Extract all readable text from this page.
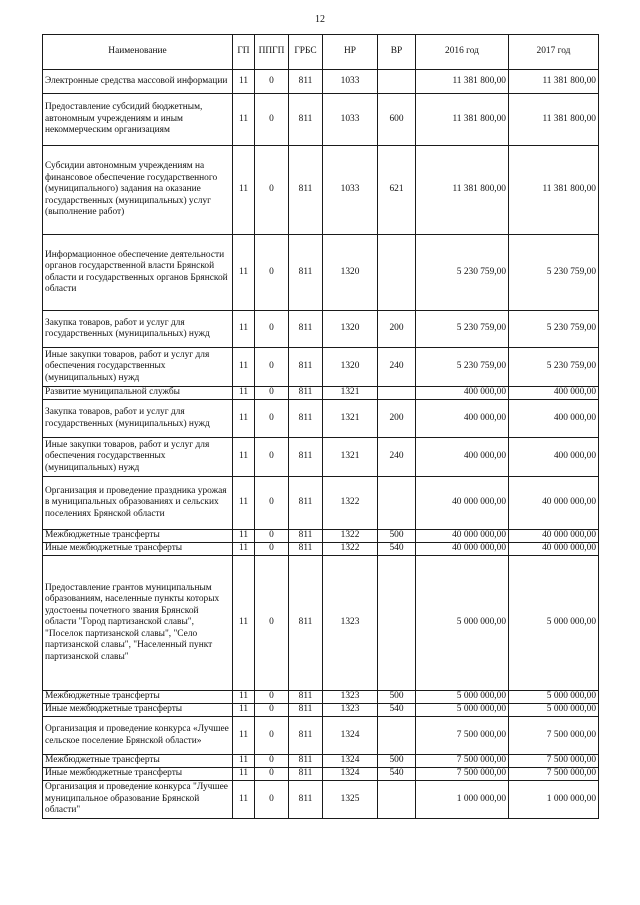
12
Наименование	ГП	ППГП	ГРБС	НР	ВР	2016 год	2017 год
Электронные средства массовой информации	11	0	811	1033		11 381 800,00	11 381 800,00
Предоставление субсидий бюджетным, автономным учреждениям и иным некоммерческим организациям	11	0	811	1033	600	11 381 800,00	11 381 800,00
Субсидии автономным учреждениям на финансовое обеспечение государственного (муниципального) задания на оказание государственных (муниципальных) услуг (выполнение работ)	11	0	811	1033	621	11 381 800,00	11 381 800,00
Информационное обеспечение деятельности органов государственной власти Брянской области и государственных органов Брянской области	11	0	811	1320		5 230 759,00	5 230 759,00
Закупка товаров, работ и услуг для государственных (муниципальных) нужд	11	0	811	1320	200	5 230 759,00	5 230 759,00
Иные закупки товаров, работ и услуг для обеспечения государственных (муниципальных) нужд	11	0	811	1320	240	5 230 759,00	5 230 759,00
Развитие муниципальной службы	11	0	811	1321		400 000,00	400 000,00
Закупка товаров, работ и услуг для государственных (муниципальных) нужд	11	0	811	1321	200	400 000,00	400 000,00
Иные закупки товаров, работ и услуг для обеспечения государственных (муниципальных) нужд	11	0	811	1321	240	400 000,00	400 000,00
Организация и проведение праздника урожая в муниципальных образованиях и сельских поселениях Брянской области	11	0	811	1322		40 000 000,00	40 000 000,00
Межбюджетные трансферты	11	0	811	1322	500	40 000 000,00	40 000 000,00
Иные межбюджетные трансферты	11	0	811	1322	540	40 000 000,00	40 000 000,00
Предоставление грантов муниципальным образованиям, населенные пункты которых удостоены почетного звания Брянской области "Город партизанской славы", "Поселок партизанской славы", "Село партизанской славы", "Населенный пункт партизанской славы"	11	0	811	1323		5 000 000,00	5 000 000,00
Межбюджетные трансферты	11	0	811	1323	500	5 000 000,00	5 000 000,00
Иные межбюджетные трансферты	11	0	811	1323	540	5 000 000,00	5 000 000,00
Организация и проведение конкурса «Лучшее сельское поселение Брянской области»	11	0	811	1324		7 500 000,00	7 500 000,00
Межбюджетные трансферты	11	0	811	1324	500	7 500 000,00	7 500 000,00
Иные межбюджетные трансферты	11	0	811	1324	540	7 500 000,00	7 500 000,00
Организация и проведение конкурса "Лучшее муниципальное образование Брянской области"	11	0	811	1325		1 000 000,00	1 000 000,00
